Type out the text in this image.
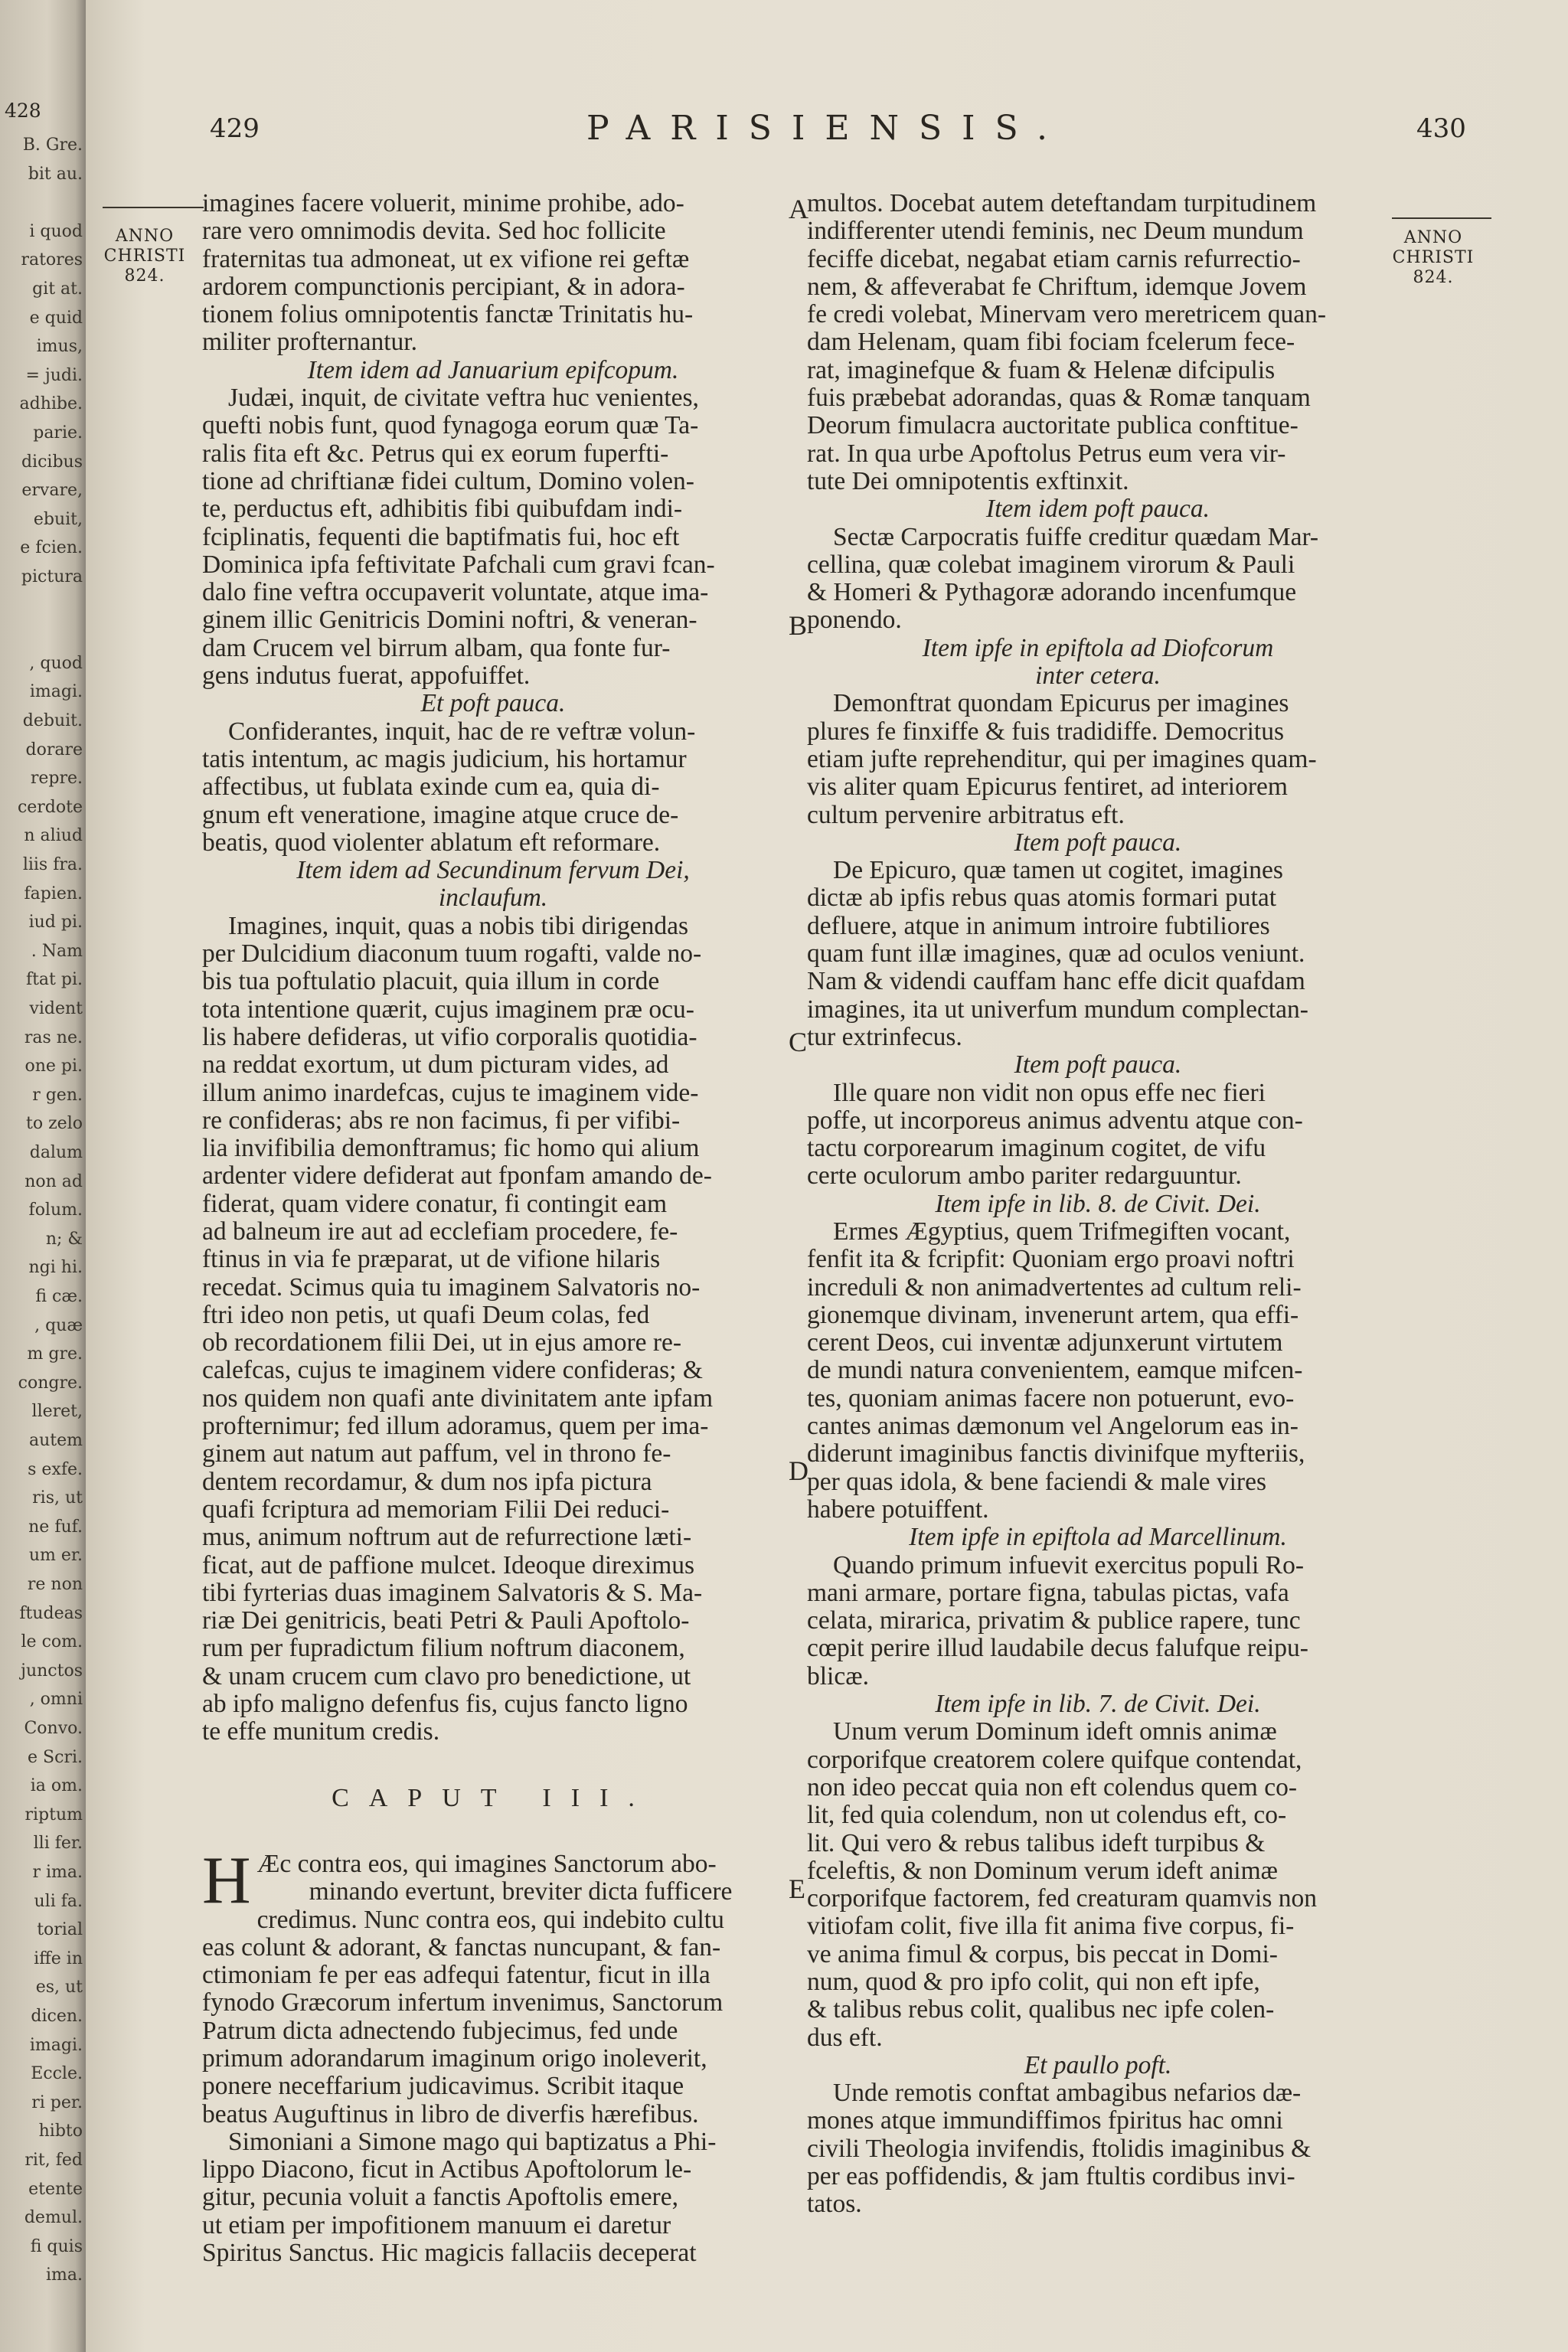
428
B. Gre.
bit au.
i quod
ratores
git at.
e quid
imus,
= judi.
adhibe.
parie.
dicibus
ervare,
ebuit,
e fcien.
pictura
, quod
imagi.
debuit.
dorare
repre.
cerdote
n aliud
liis fra.
fapien.
iud pi.
. Nam
ftat pi.
vident
ras ne.
one pi.
r gen.
to zelo
dalum
non ad
folum.
n; &
ngi hi.
fi cæ.
, quæ
m gre.
congre.
lleret,
autem
s exfe.
ris, ut
ne fuf.
um er.
re non
ftudeas
le com.
junctos
, omni
Convo.
e Scri.
ia om.
riptum
lli fer.
r ima.
uli fa.
torial
iffe in
es, ut
dicen.
imagi.
Eccle.
ri per.
hibto
rit, fed
etente
demul.
fi quis
ima.
429	PARISIENSIS.	430
ANNO
CHRISTI
824.
ANNO
CHRISTI
824.
A
B
C
D
E
imagines facere voluerit, minime prohibe, ado-
rare vero omnimodis devita. Sed hoc follicite
fraternitas tua admoneat, ut ex vifione rei geftæ
ardorem compunctionis percipiant, & in adora-
tionem folius omnipotentis fanctæ Trinitatis hu-
militer profternantur.
Item idem ad Januarium epifcopum.
Judæi, inquit, de civitate veftra huc venientes,
quefti nobis funt, quod fynagoga eorum quæ Ta-
ralis fita eft &c. Petrus qui ex eorum fuperfti-
tione ad chriftianæ fidei cultum, Domino volen-
te, perductus eft, adhibitis fibi quibufdam indi-
fciplinatis, fequenti die baptifmatis fui, hoc eft
Dominica ipfa feftivitate Pafchali cum gravi fcan-
dalo fine veftra occupaverit voluntate, atque ima-
ginem illic Genitricis Domini noftri, & veneran-
dam Crucem vel birrum albam, qua fonte fur-
gens indutus fuerat, appofuiffet.
Et poft pauca.
Confiderantes, inquit, hac de re veftræ volun-
tatis intentum, ac magis judicium, his hortamur
affectibus, ut fublata exinde cum ea, quia di-
gnum eft veneratione, imagine atque cruce de-
beatis, quod violenter ablatum eft reformare.
Item idem ad Secundinum fervum Dei,
inclaufum.
Imagines, inquit, quas a nobis tibi dirigendas
per Dulcidium diaconum tuum rogafti, valde no-
bis tua poftulatio placuit, quia illum in corde
tota intentione quærit, cujus imaginem præ ocu-
lis habere defideras, ut vifio corporalis quotidia-
na reddat exortum, ut dum picturam vides, ad
illum animo inardefcas, cujus te imaginem vide-
re confideras; abs re non facimus, fi per vifibi-
lia invifibilia demonftramus; fic homo qui alium
ardenter videre defiderat aut fponfam amando de-
fiderat, quam videre conatur, fi contingit eam
ad balneum ire aut ad ecclefiam procedere, fe-
ftinus in via fe præparat, ut de vifione hilaris
recedat. Scimus quia tu imaginem Salvatoris no-
ftri ideo non petis, ut quafi Deum colas, fed
ob recordationem filii Dei, ut in ejus amore re-
calefcas, cujus te imaginem videre confideras; &
nos quidem non quafi ante divinitatem ante ipfam
profternimur; fed illum adoramus, quem per ima-
ginem aut natum aut paffum, vel in throno fe-
dentem recordamur, & dum nos ipfa pictura
quafi fcriptura ad memoriam Filii Dei reduci-
mus, animum noftrum aut de refurrectione læti-
ficat, aut de paffione mulcet. Ideoque direximus
tibi fyrterias duas imaginem Salvatoris & S. Ma-
riæ Dei genitricis, beati Petri & Pauli Apoftolo-
rum per fupradictum filium noftrum diaconem,
& unam crucem cum clavo pro benedictione, ut
ab ipfo maligno defenfus fis, cujus fancto ligno
te effe munitum credis.
CAPUT III.
H Æc contra eos, qui imagines Sanctorum abo-
minando evertunt, breviter dicta fufficere
credimus. Nunc contra eos, qui indebito cultu
eas colunt & adorant, & fanctas nuncupant, & fan-
ctimoniam fe per eas adfequi fatentur, ficut in illa
fynodo Græcorum infertum invenimus, Sanctorum
Patrum dicta adnectendo fubjecimus, fed unde
primum adorandarum imaginum origo inoleverit,
ponere neceffarium judicavimus. Scribit itaque
beatus Auguftinus in libro de diverfis hærefibus.
Simoniani a Simone mago qui baptizatus a Phi-
lippo Diacono, ficut in Actibus Apoftolorum le-
gitur, pecunia voluit a fanctis Apoftolis emere,
ut etiam per impofitionem manuum ei daretur
Spiritus Sanctus. Hic magicis fallaciis deceperat
multos. Docebat autem deteftandam turpitudinem
indifferenter utendi feminis, nec Deum mundum
feciffe dicebat, negabat etiam carnis refurrectio-
nem, & affeverabat fe Chriftum, idemque Jovem
fe credi volebat, Minervam vero meretricem quan-
dam Helenam, quam fibi fociam fcelerum fece-
rat, imaginefque & fuam & Helenæ difcipulis
fuis præbebat adorandas, quas & Romæ tanquam
Deorum fimulacra auctoritate publica conftitue-
rat. In qua urbe Apoftolus Petrus eum vera vir-
tute Dei omnipotentis exftinxit.
Item idem poft pauca.
Sectæ Carpocratis fuiffe creditur quædam Mar-
cellina, quæ colebat imaginem virorum & Pauli
& Homeri & Pythagoræ adorando incenfumque
ponendo.
Item ipfe in epiftola ad Diofcorum
inter cetera.
Demonftrat quondam Epicurus per imagines
plures fe finxiffe & fuis tradidiffe. Democritus
etiam jufte reprehenditur, qui per imagines quam-
vis aliter quam Epicurus fentiret, ad interiorem
cultum pervenire arbitratus eft.
Item poft pauca.
De Epicuro, quæ tamen ut cogitet, imagines
dictæ ab ipfis rebus quas atomis formari putat
defluere, atque in animum introire fubtiliores
quam funt illæ imagines, quæ ad oculos veniunt.
Nam & videndi cauffam hanc effe dicit quafdam
imagines, ita ut univerfum mundum complectan-
tur extrinfecus.
Item poft pauca.
Ille quare non vidit non opus effe nec fieri
poffe, ut incorporeus animus adventu atque con-
tactu corporearum imaginum cogitet, de vifu
certe oculorum ambo pariter redarguuntur.
Item ipfe in lib. 8. de Civit. Dei.
Ermes Ægyptius, quem Trifmegiften vocant,
fenfit ita & fcripfit: Quoniam ergo proavi noftri
increduli & non animadvertentes ad cultum reli-
gionemque divinam, invenerunt artem, qua effi-
cerent Deos, cui inventæ adjunxerunt virtutem
de mundi natura convenientem, eamque mifcen-
tes, quoniam animas facere non potuerunt, evo-
cantes animas dæmonum vel Angelorum eas in-
diderunt imaginibus fanctis divinifque myfteriis,
per quas idola, & bene faciendi & male vires
habere potuiffent.
Item ipfe in epiftola ad Marcellinum.
Quando primum infuevit exercitus populi Ro-
mani armare, portare figna, tabulas pictas, vafa
celata, mirarica, privatim & publice rapere, tunc
cœpit perire illud laudabile decus falufque reipu-
blicæ.
Item ipfe in lib. 7. de Civit. Dei.
Unum verum Dominum ideft omnis animæ
corporifque creatorem colere quifque contendat,
non ideo peccat quia non eft colendus quem co-
lit, fed quia colendum, non ut colendus eft, co-
lit. Qui vero & rebus talibus ideft turpibus &
fceleftis, & non Dominum verum ideft animæ
corporifque factorem, fed creaturam quamvis non
vitiofam colit, five illa fit anima five corpus, fi-
ve anima fimul & corpus, bis peccat in Domi-
num, quod & pro ipfo colit, qui non eft ipfe,
& talibus rebus colit, qualibus nec ipfe colen-
dus eft.
Et paullo poft.
Unde remotis conftat ambagibus nefarios dæ-
mones atque immundiffimos fpiritus hac omni
civili Theologia invifendis, ftolidis imaginibus &
per eas poffidendis, & jam ftultis cordibus invi-
tatos.
